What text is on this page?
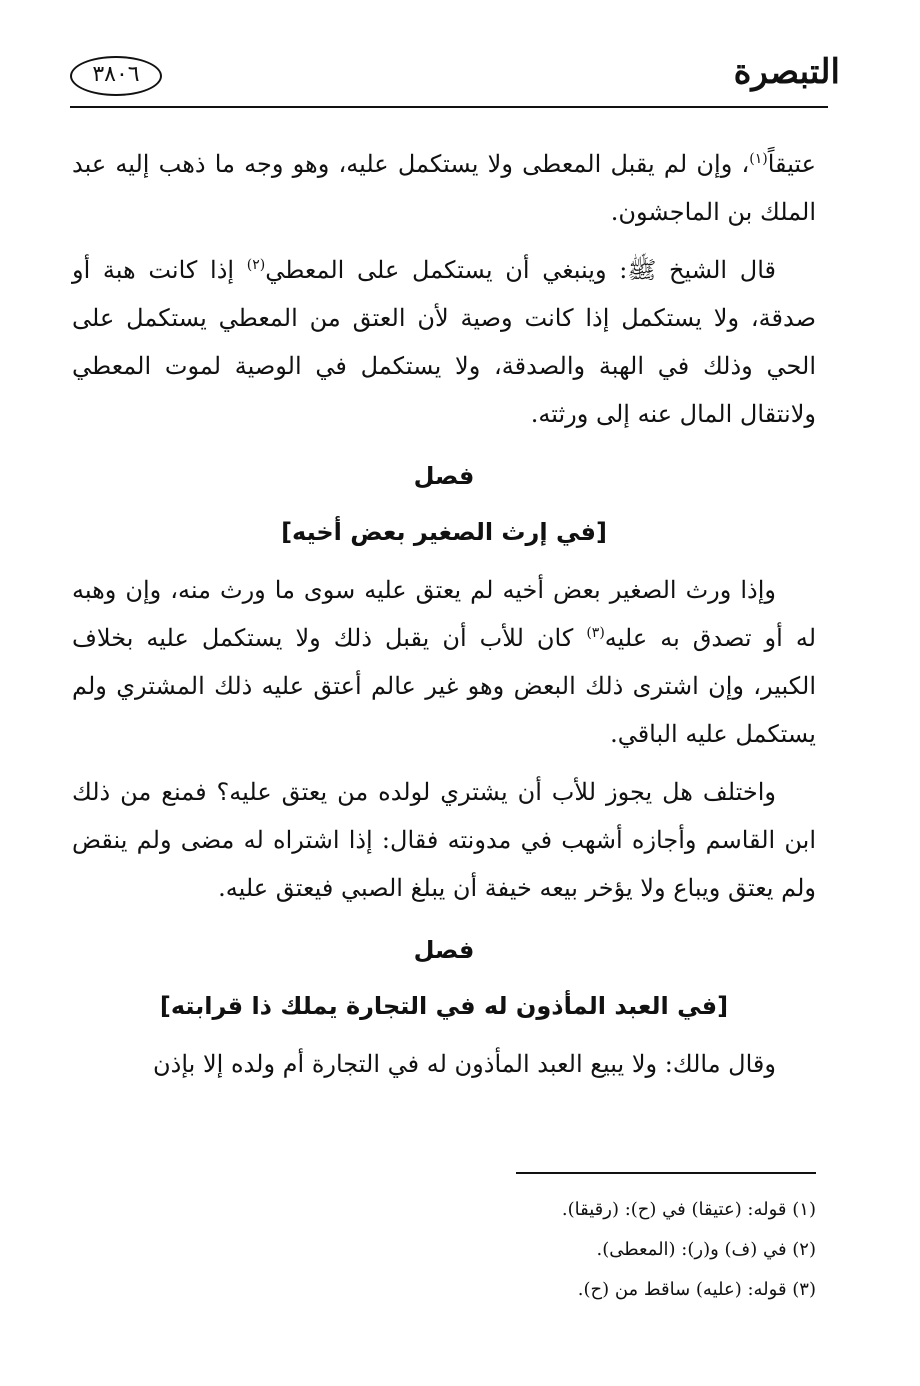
التبصرة
٣٨٠٦

عتيقاً$^{(١)}$، وإن لم يقبل المعطى ولا يستكمل عليه، وهو وجه ما ذهب إليه عبد الملك بن الماجشون.

قال الشيخ ﷺ: وينبغي أن يستكمل على المعطي$^{(٢)}$ إذا كانت هبة أو صدقة، ولا يستكمل إذا كانت وصية لأن العتق من المعطي يستكمل على الحي وذلك في الهبة والصدقة، ولا يستكمل في الوصية لموت المعطي ولانتقال المال عنه إلى ورثته.

فصل
[في إرث الصغير بعض أخيه]

وإذا ورث الصغير بعض أخيه لم يعتق عليه سوى ما ورث منه، وإن وهبه له أو تصدق به عليه$^{(٣)}$ كان للأب أن يقبل ذلك ولا يستكمل عليه بخلاف الكبير، وإن اشترى ذلك البعض وهو غير عالم أعتق عليه ذلك المشتري ولم يستكمل عليه الباقي.

واختلف هل يجوز للأب أن يشتري لولده من يعتق عليه؟ فمنع من ذلك ابن القاسم وأجازه أشهب في مدونته فقال: إذا اشتراه له مضى ولم ينقض ولم يعتق ويباع ولا يؤخر بيعه خيفة أن يبلغ الصبي فيعتق عليه.

فصل
[في العبد المأذون له في التجارة يملك ذا قرابته]

وقال مالك: ولا يبيع العبد المأذون له في التجارة أم ولده إلا بإذن

(١) قوله: (عتيقا) في (ح): (رقيقا).

(٢) في (ف) و(ر): (المعطى).

(٣) قوله: (عليه) ساقط من (ح).
